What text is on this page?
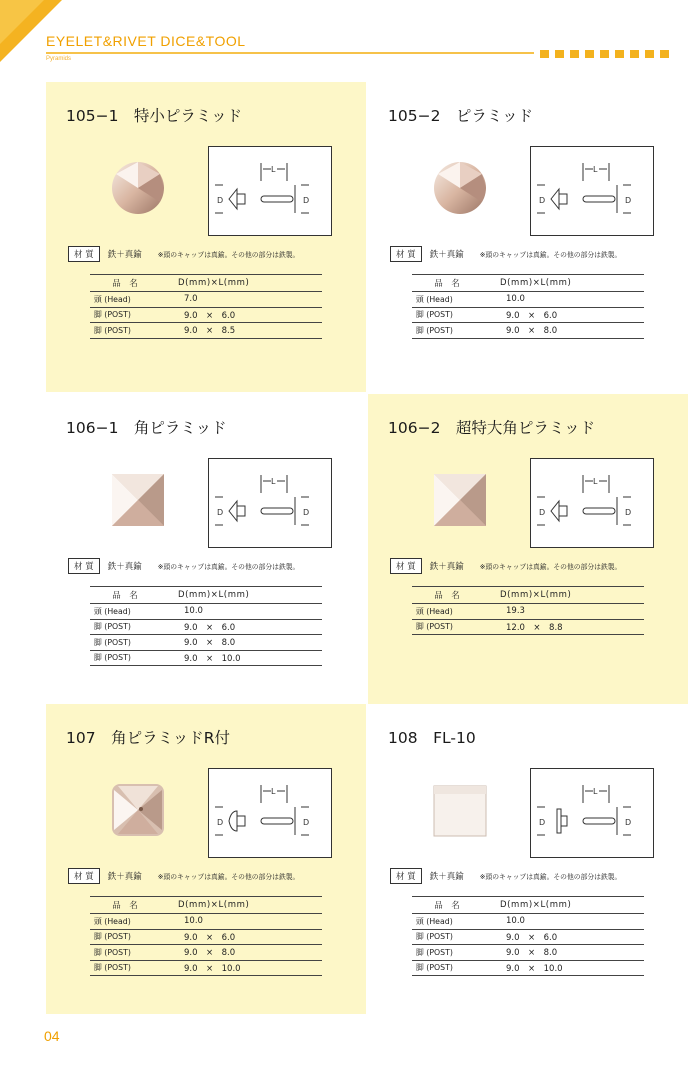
EYELET&RIVET DICE&TOOL
Pyramids
105−1　特小ピラミッド
L
D	D
材 質	鉄＋真鍮 ※頭のキャップは真鍮。その他の部分は鉄製。
品　名	D(mm)×L(mm)
頭 (Head)	7.0
脚 (POST)	9.0　×　6.0
脚 (POST)	9.0　×　8.5
105−2　ピラミッド
L
D	D
材 質	鉄＋真鍮 ※頭のキャップは真鍮。その他の部分は鉄製。
品　名	D(mm)×L(mm)
頭 (Head)	10.0
脚 (POST)	9.0　×　6.0
脚 (POST)	9.0　×　8.0
106−1　角ピラミッド
L
D	D
材 質	鉄＋真鍮 ※頭のキャップは真鍮。その他の部分は鉄製。
品　名	D(mm)×L(mm)
頭 (Head)	10.0
脚 (POST)	9.0　×　6.0
脚 (POST)	9.0　×　8.0
脚 (POST)	9.0　×　10.0
106−2　超特大角ピラミッド
L
D	D
材 質	鉄＋真鍮 ※頭のキャップは真鍮。その他の部分は鉄製。
品　名	D(mm)×L(mm)
頭 (Head)	19.3
脚 (POST)	12.0　×　8.8
107　角ピラミッドR付
L
D	D
材 質	鉄＋真鍮 ※頭のキャップは真鍮。その他の部分は鉄製。
品　名	D(mm)×L(mm)
頭 (Head)	10.0
脚 (POST)	9.0　×　6.0
脚 (POST)	9.0　×　8.0
脚 (POST)	9.0　×　10.0
108　FL-10
L
D	D
材 質	鉄＋真鍮 ※頭のキャップは真鍮。その他の部分は鉄製。
品　名	D(mm)×L(mm)
頭 (Head)	10.0
脚 (POST)	9.0　×　6.0
脚 (POST)	9.0　×　8.0
脚 (POST)	9.0　×　10.0
04
